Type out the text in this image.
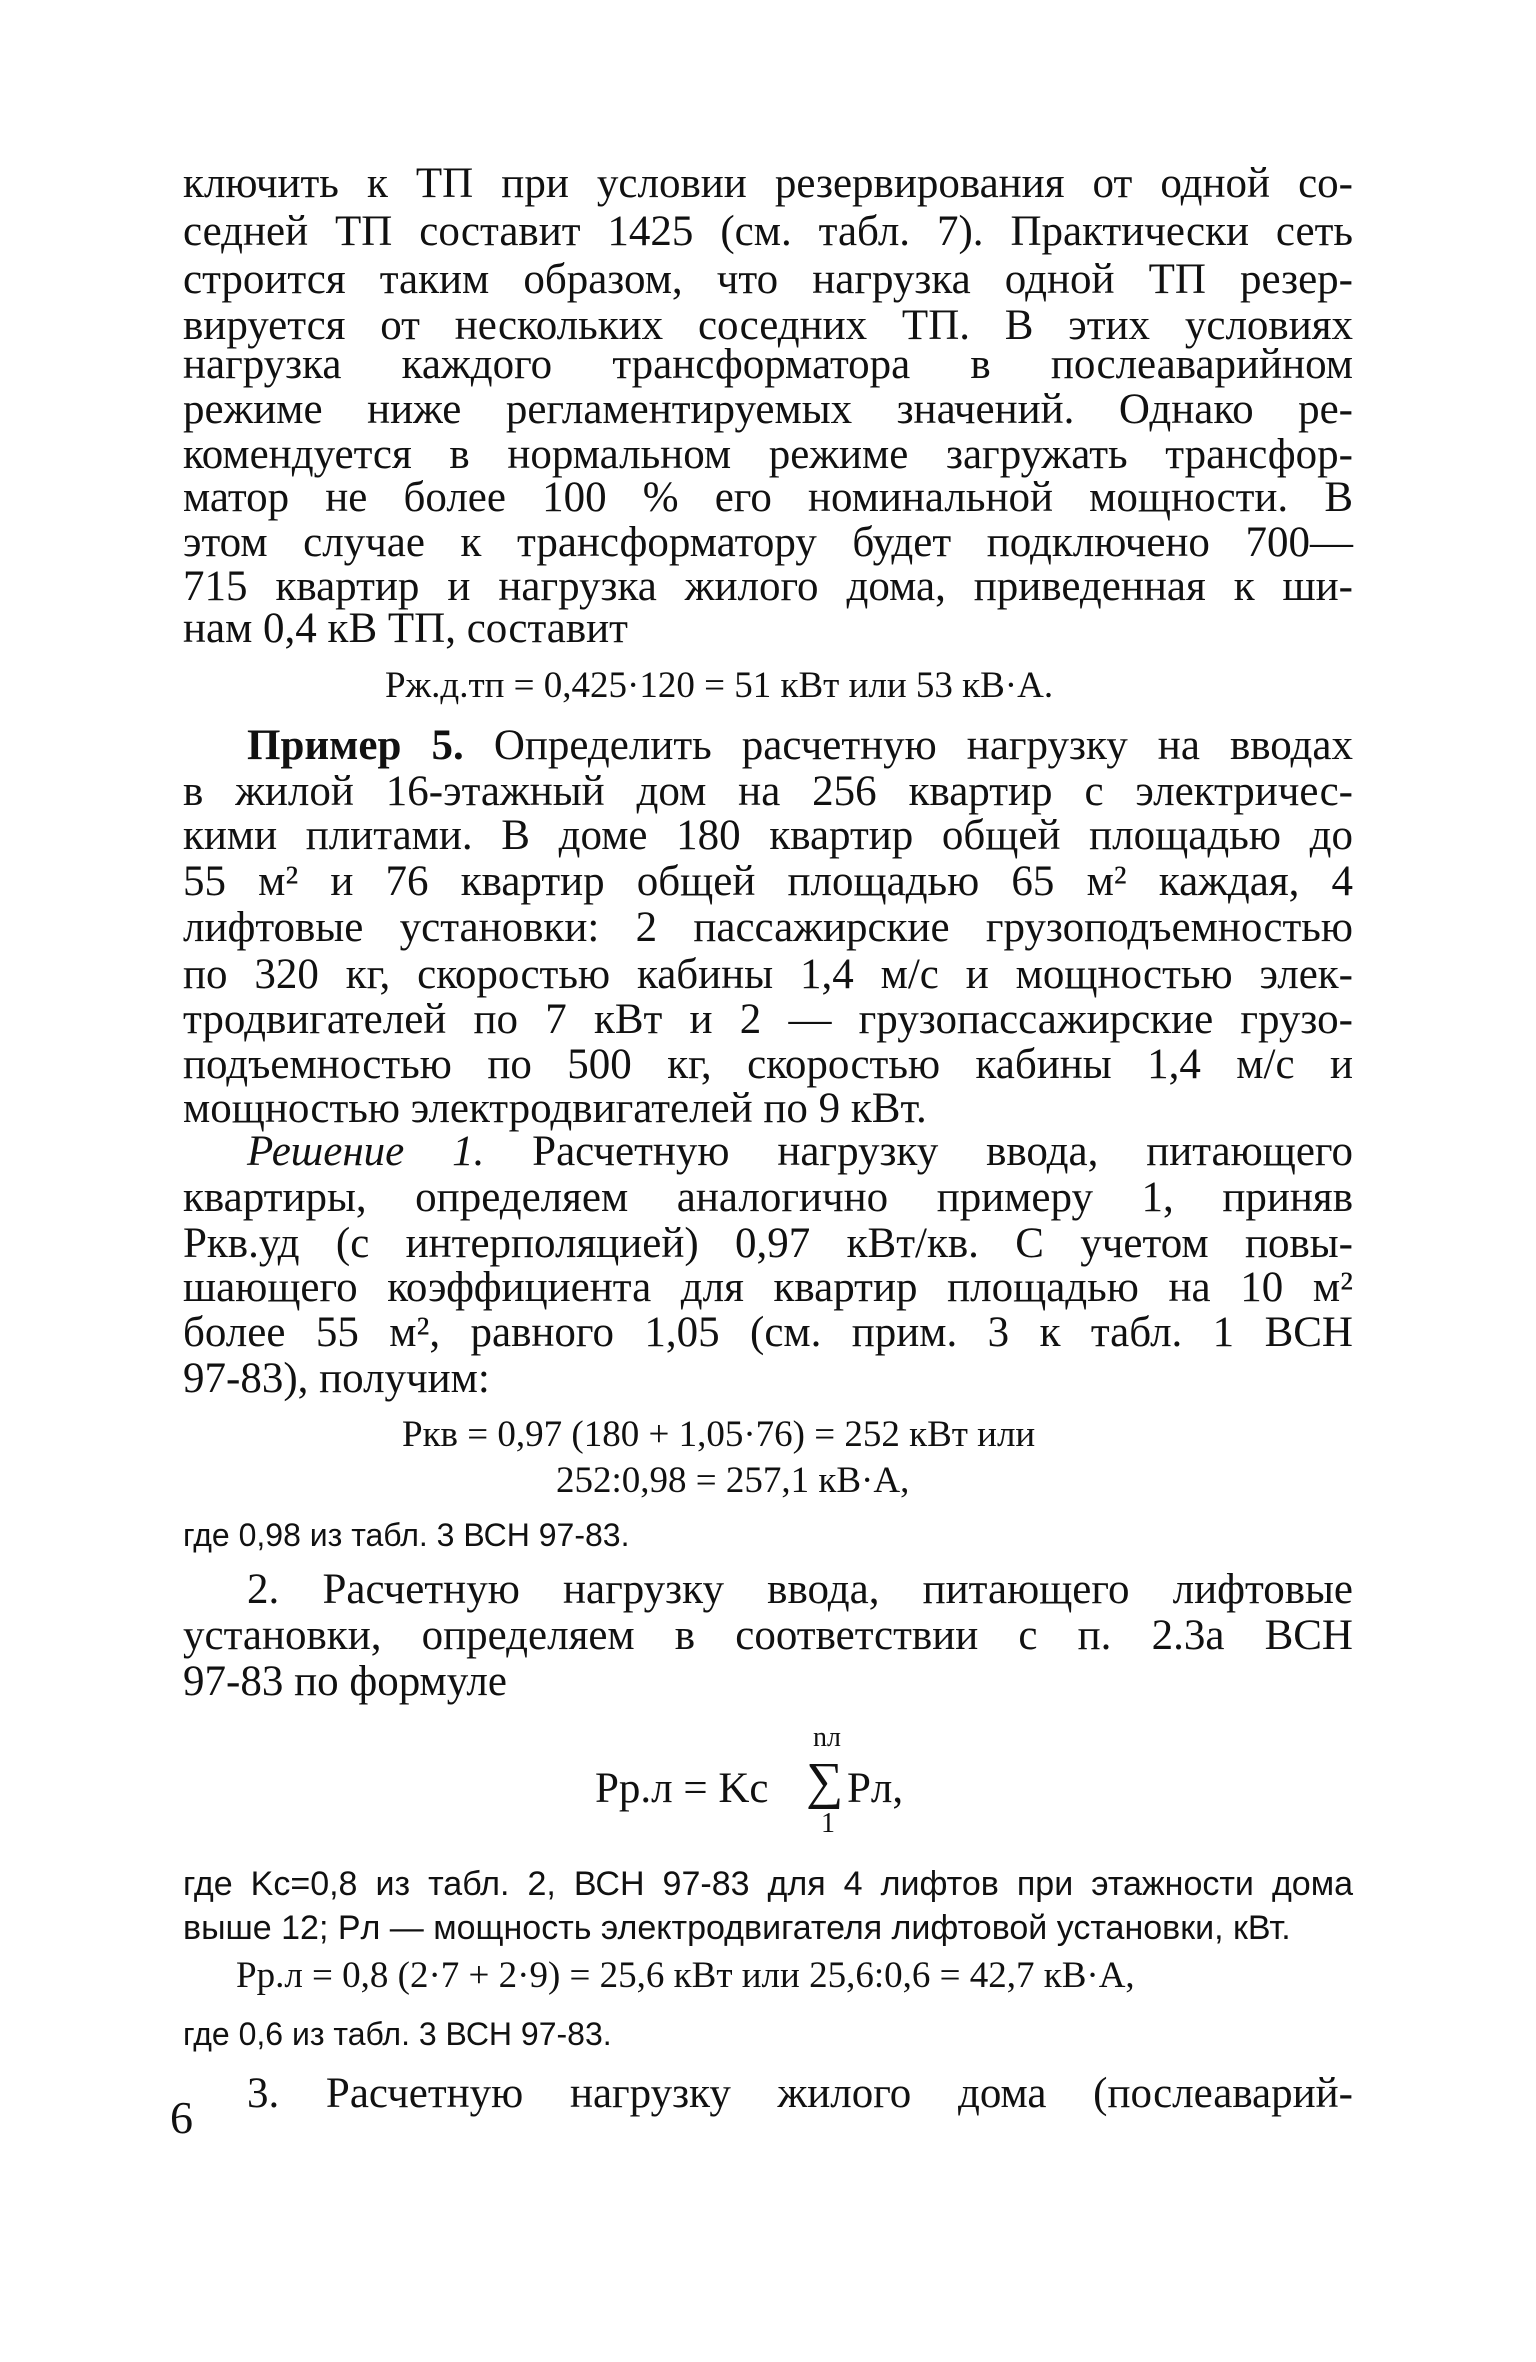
ключить к ТП при условии резервирования от одной со-
седней ТП составит 1425 (см. табл. 7). Практически сеть
строится таким образом, что нагрузка одной ТП резер-
вируется от нескольких соседних ТП. В этих условиях
нагрузка каждого трансформатора в послеаварийном
режиме ниже регламентируемых значений. Однако ре-
комендуется в нормальном режиме загружать трансфор-
матор не более 100 % его номинальной мощности. В
этом случае к трансформатору будет подключено 700—
715 квартир и нагрузка жилого дома, приведенная к ши-
нам 0,4 кВ ТП, составит
Pж.д.тп = 0,425·120 = 51 кВт или 53 кВ·А.
Пример 5. Определить расчетную нагрузку на вводах
в жилой 16-этажный дом на 256 квартир с электричес-
кими плитами. В доме 180 квартир общей площадью до
55 м² и 76 квартир общей площадью 65 м² каждая, 4
лифтовые установки: 2 пассажирские грузоподъемностью
по 320 кг, скоростью кабины 1,4 м/с и мощностью элек-
тродвигателей по 7 кВт и 2 — грузопассажирские грузо-
подъемностью по 500 кг, скоростью кабины 1,4 м/с и
мощностью электродвигателей по 9 кВт.
Решение 1. Расчетную нагрузку ввода, питающего
квартиры, определяем аналогично примеру 1, приняв
Pкв.уд (с интерполяцией) 0,97 кВт/кв. С учетом повы-
шающего коэффициента для квартир площадью на 10 м²
более 55 м², равного 1,05 (см. прим. 3 к табл. 1 ВСН
97-83), получим:
Pкв = 0,97 (180 + 1,05·76) = 252 кВт или
252:0,98 = 257,1 кВ·А,
где 0,98 из табл. 3 ВСН 97-83.
2. Расчетную нагрузку ввода, питающего лифтовые
установки, определяем в соответствии с п. 2.3а ВСН
97-83 по формуле
Pр.л = Kс
nл
∑
1
Pл,
где Kс=0,8 из табл. 2, ВСН 97-83 для 4 лифтов при этажности дома
выше 12; Pл — мощность электродвигателя лифтовой установки, кВт.
Pр.л = 0,8 (2·7 + 2·9) = 25,6 кВт или 25,6:0,6 = 42,7 кВ·А,
где 0,6 из табл. 3 ВСН 97-83.
3. Расчетную нагрузку жилого дома (послеаварий-
6
